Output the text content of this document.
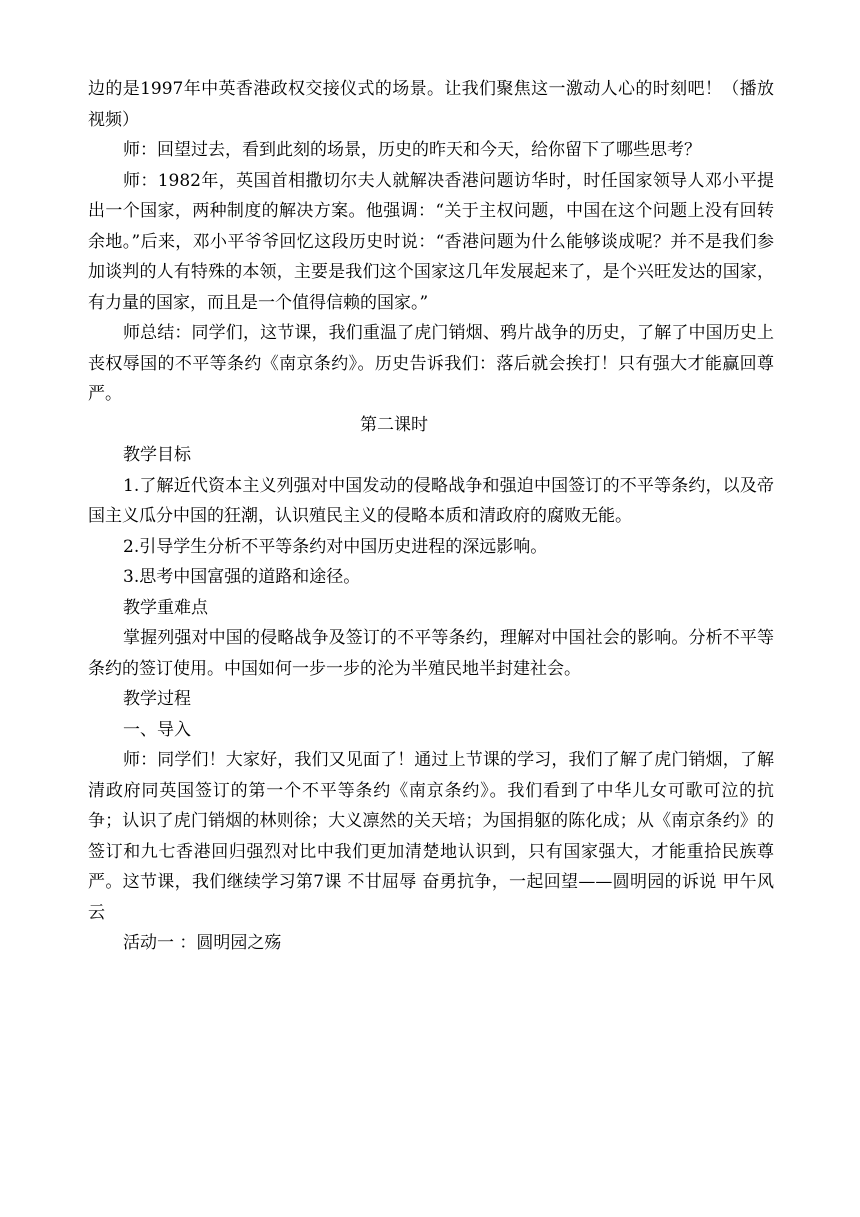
边的是1997年中英香港政权交接仪式的场景。让我们聚焦这一激动人心的时刻吧！（播放视频）

师：回望过去，看到此刻的场景，历史的昨天和今天，给你留下了哪些思考？

师：1982年，英国首相撒切尔夫人就解决香港问题访华时，时任国家领导人邓小平提出一个国家，两种制度的解决方案。他强调：“关于主权问题，中国在这个问题上没有回转余地。”后来，邓小平爷爷回忆这段历史时说：“香港问题为什么能够谈成呢？并不是我们参加谈判的人有特殊的本领，主要是我们这个国家这几年发展起来了，是个兴旺发达的国家，有力量的国家，而且是一个值得信赖的国家。”

师总结：同学们，这节课，我们重温了虎门销烟、鸦片战争的历史，了解了中国历史上丧权辱国的不平等条约《南京条约》。历史告诉我们：落后就会挨打！只有强大才能赢回尊严。

第二课时

教学目标

1.了解近代资本主义列强对中国发动的侵略战争和强迫中国签订的不平等条约，以及帝国主义瓜分中国的狂潮，认识殖民主义的侵略本质和清政府的腐败无能。

2.引导学生分析不平等条约对中国历史进程的深远影响。

3.思考中国富强的道路和途径。

教学重难点

掌握列强对中国的侵略战争及签订的不平等条约，理解对中国社会的影响。分析不平等条约的签订使用。中国如何一步一步的沦为半殖民地半封建社会。

教学过程

一、导入

师：同学们！大家好，我们又见面了！通过上节课的学习，我们了解了虎门销烟，了解清政府同英国签订的第一个不平等条约《南京条约》。我们看到了中华儿女可歌可泣的抗争；认识了虎门销烟的林则徐；大义凛然的关天培；为国捐躯的陈化成；从《南京条约》的签订和九七香港回归强烈对比中我们更加清楚地认识到，只有国家强大，才能重拾民族尊严。这节课，我们继续学习第7课 不甘屈辱 奋勇抗争，一起回望——圆明园的诉说 甲午风云

活动一 ：圆明园之殇
